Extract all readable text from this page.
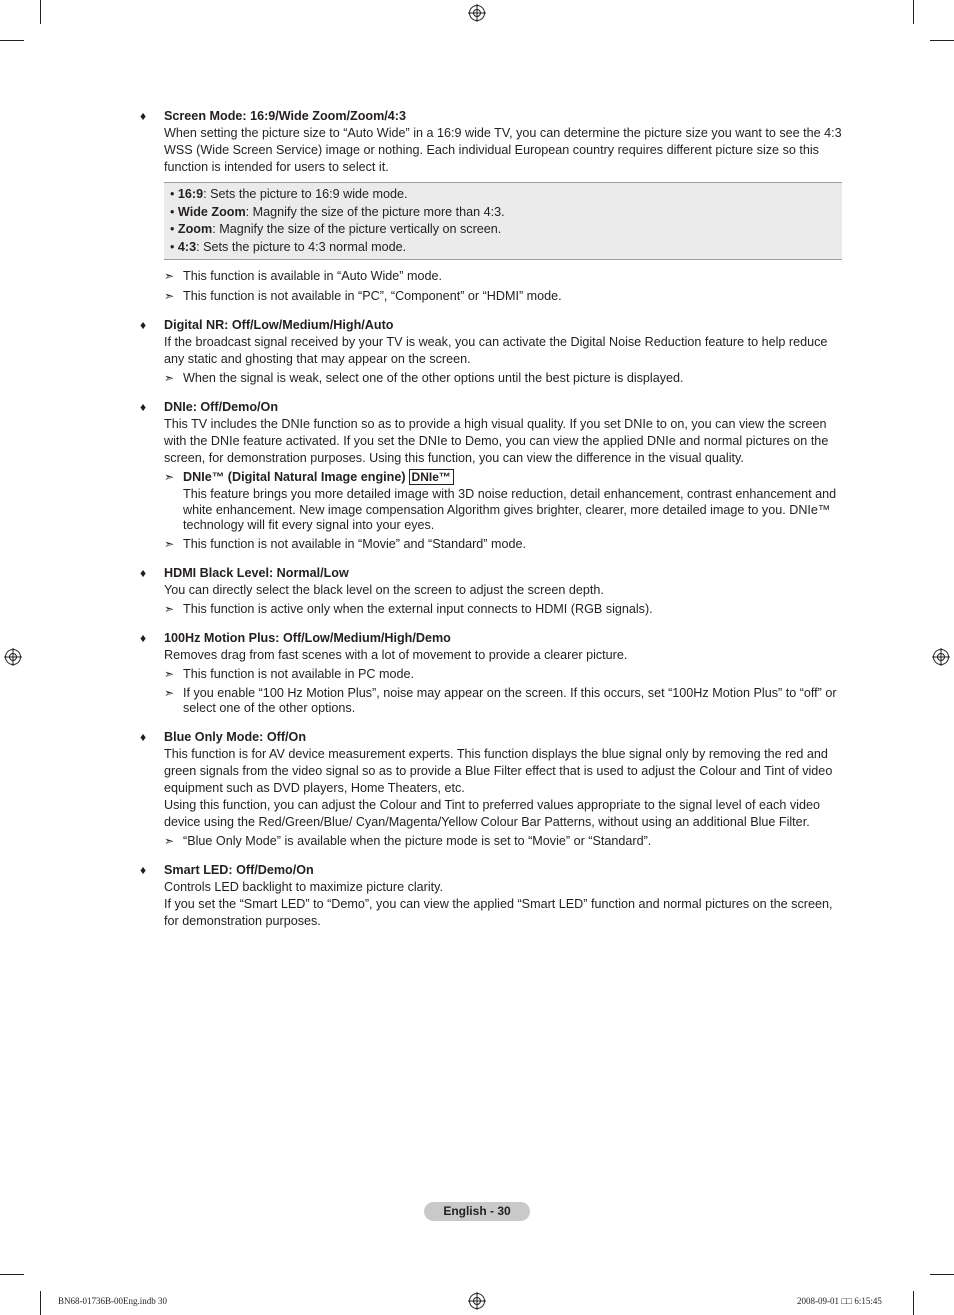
♦ Screen Mode: 16:9/Wide Zoom/Zoom/4:3

When setting the picture size to “Auto Wide” in a 16:9 wide TV, you can determine the picture size you want to see the 4:3 WSS (Wide Screen Service) image or nothing. Each individual European country requires different picture size so this function is intended for users to select it.

• 16:9: Sets the picture to 16:9 wide mode.
• Wide Zoom: Magnify the size of the picture more than 4:3.
• Zoom: Magnify the size of the picture vertically on screen.
• 4:3: Sets the picture to 4:3 normal mode.
➣ This function is available in “Auto Wide” mode.
➣ This function is not available in “PC”, “Component” or “HDMI” mode.
♦ Digital NR: Off/Low/Medium/High/Auto

If the broadcast signal received by your TV is weak, you can activate the Digital Noise Reduction feature to help reduce any static and ghosting that may appear on the screen.

➣ When the signal is weak, select one of the other options until the best picture is displayed.
♦ DNIe: Off/Demo/On

This TV includes the DNIe function so as to provide a high visual quality. If you set DNIe to on, you can view the screen with the DNIe feature activated. If you set the DNIe to Demo, you can view the applied DNIe and normal pictures on the screen, for demonstration purposes. Using this function, you can view the difference in the visual quality.

➣ DNIe™ (Digital Natural Image engine) DNIe™
This feature brings you more detailed image with 3D noise reduction, detail enhancement, contrast enhancement and white enhancement. New image compensation Algorithm gives brighter, clearer, more detailed image to you. DNIe™ technology will fit every signal into your eyes.
➣ This function is not available in “Movie” and “Standard” mode.
♦ HDMI Black Level: Normal/Low

You can directly select the black level on the screen to adjust the screen depth.

➣ This function is active only when the external input connects to HDMI (RGB signals).
♦ 100Hz Motion Plus: Off/Low/Medium/High/Demo

Removes drag from fast scenes with a lot of movement to provide a clearer picture.

➣ This function is not available in PC mode.
➣ If you enable “100 Hz Motion Plus”, noise may appear on the screen. If this occurs, set “100Hz Motion Plus” to “off” or select one of the other options.
♦ Blue Only Mode: Off/On

This function is for AV device measurement experts. This function displays the blue signal only by removing the red and green signals from the video signal so as to provide a Blue Filter effect that is used to adjust the Colour and Tint of video equipment such as DVD players, Home Theaters, etc.

Using this function, you can adjust the Colour and Tint to preferred values appropriate to the signal level of each video device using the Red/Green/Blue/ Cyan/Magenta/Yellow Colour Bar Patterns, without using an additional Blue Filter.

➣ “Blue Only Mode” is available when the picture mode is set to “Movie” or “Standard”.
♦ Smart LED: Off/Demo/On

Controls LED backlight to maximize picture clarity.

If you set the “Smart LED” to “Demo”, you can view the applied “Smart LED” function and normal pictures on the screen, for demonstration purposes.

English - 30
BN68-01736B-00Eng.indb 30	2008-09-01 □□ 6:15:45
